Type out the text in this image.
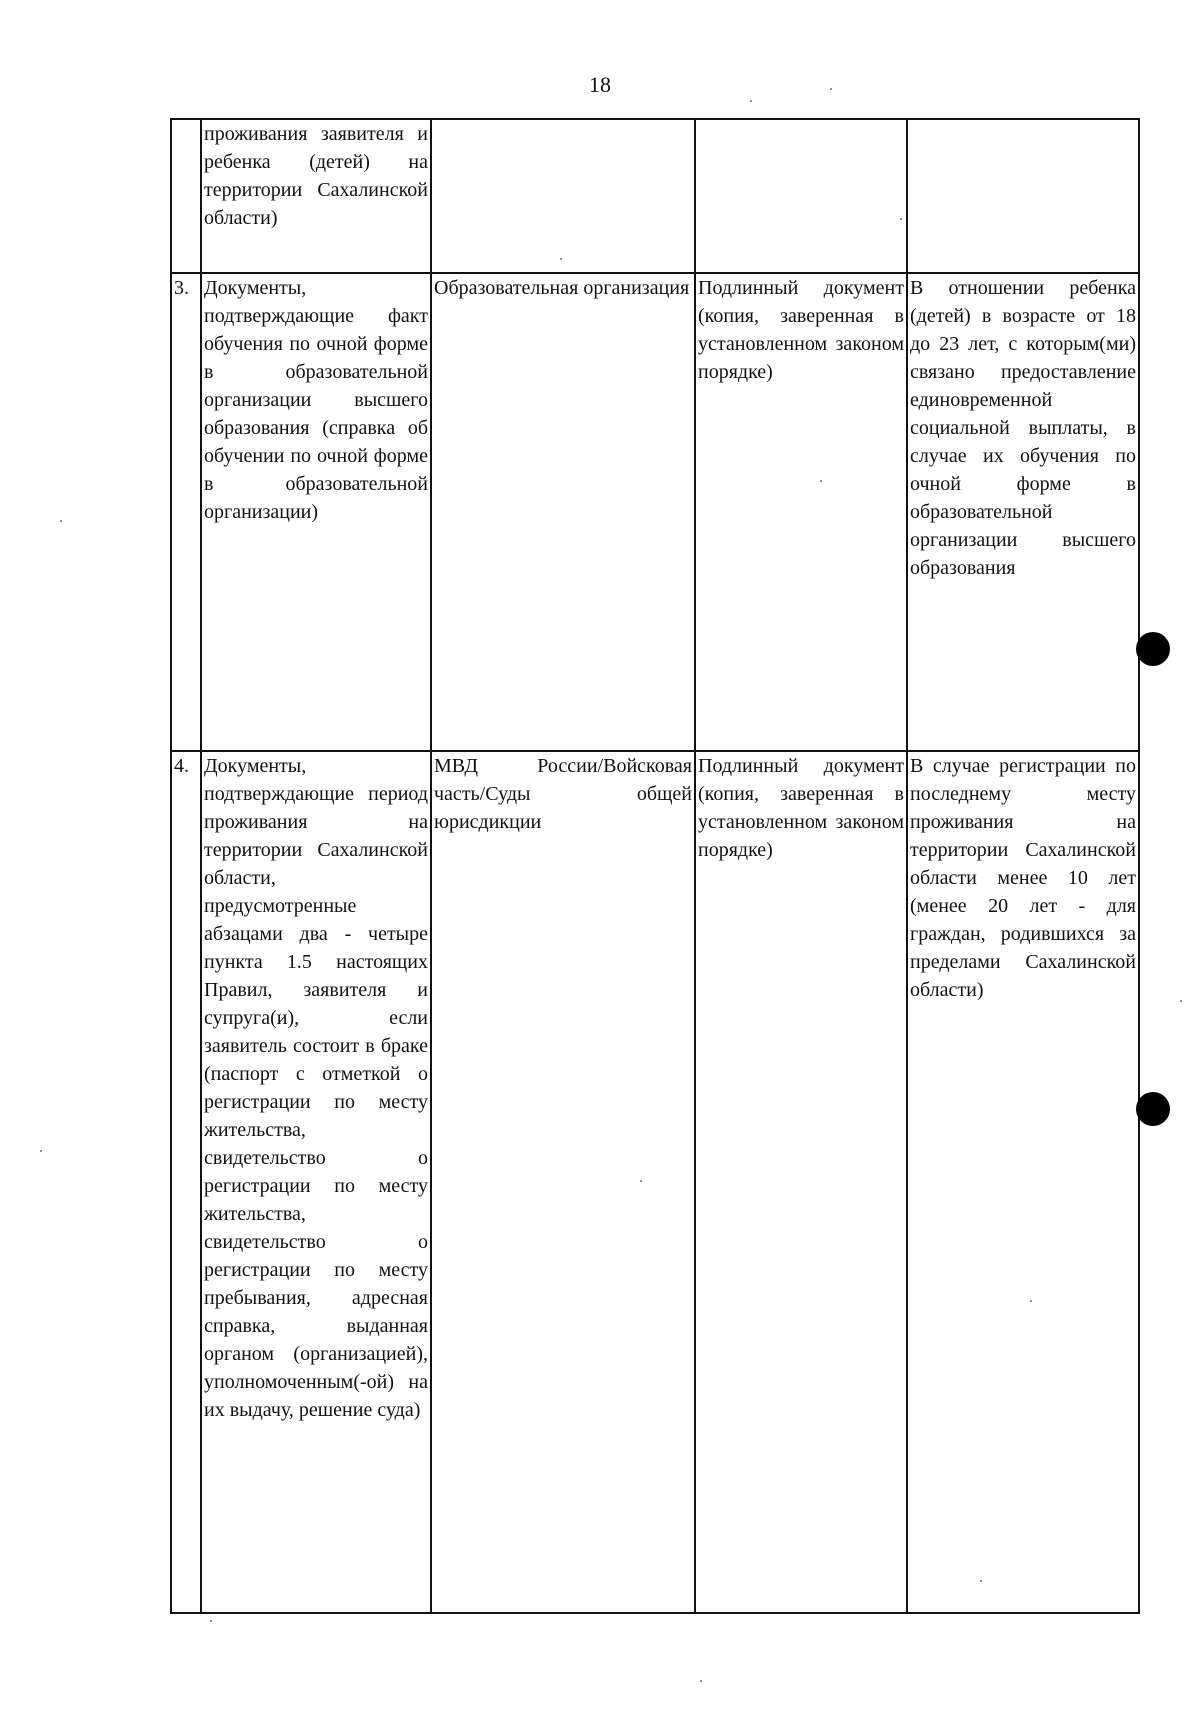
18
	проживания заявителя и ребенка (детей) на территории Сахалинской области)			
3.	Документы, подтверждающие факт обучения по очной форме в образовательной организации высшего образования (справка об обучении по очной форме в образовательной организации)	Образовательная организация	Подлинный документ (копия, заверенная в установленном законом порядке)	В отношении ребенка (детей) в возрасте от 18 до 23 лет, с которым(ми) связано предоставление единовременной социальной выплаты, в случае их обучения по очной форме в образовательной организации высшего образования
4.	Документы, подтверждающие период проживания на территории Сахалинской области, предусмотренные абзацами два - четыре пункта 1.5 настоящих Правил, заявителя и супруга(и), если заявитель состоит в браке (паспорт с отметкой о регистрации по месту жительства, свидетельство о регистрации по месту жительства, свидетельство о регистрации по месту пребывания, адресная справка, выданная органом (организацией), уполномоченным(-ой) на их выдачу, решение суда)	МВД России/Войсковая часть/Суды общей юрисдикции	Подлинный документ (копия, заверенная в установленном законом порядке)	В случае регистрации по последнему месту проживания на территории Сахалинской области менее 10 лет (менее 20 лет - для граждан, родившихся за пределами Сахалинской области)
